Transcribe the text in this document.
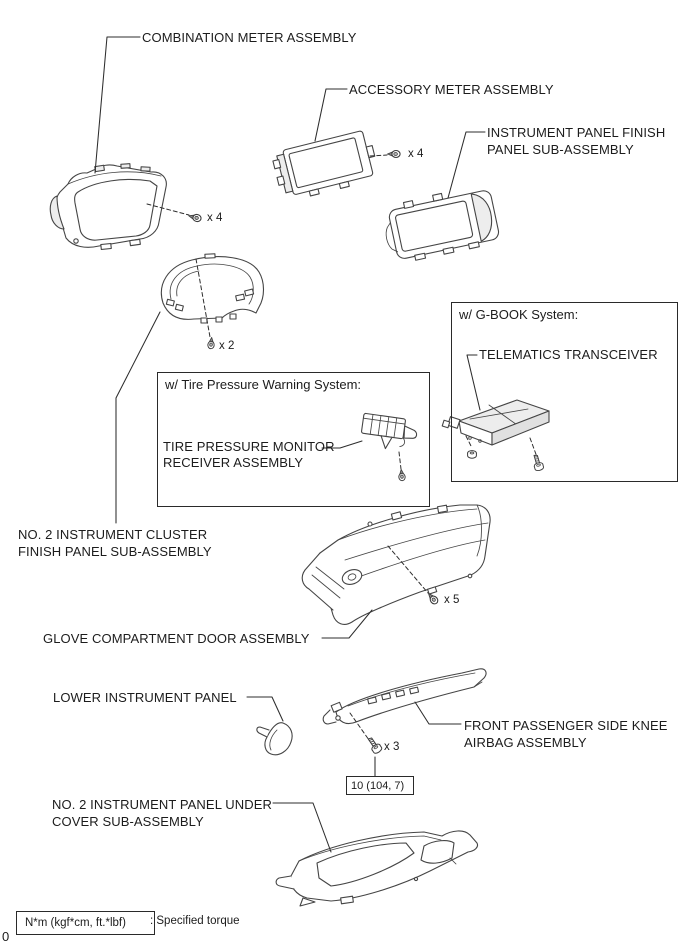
w/ Tire Pressure Warning System:
w/ G-BOOK System:
COMBINATION METER ASSEMBLY
ACCESSORY METER ASSEMBLY
INSTRUMENT PANEL FINISH
PANEL SUB-ASSEMBLY
TELEMATICS TRANSCEIVER
TIRE PRESSURE MONITOR
RECEIVER ASSEMBLY
NO. 2 INSTRUMENT CLUSTER
FINISH PANEL SUB-ASSEMBLY
GLOVE COMPARTMENT DOOR ASSEMBLY
LOWER INSTRUMENT PANEL
FRONT PASSENGER SIDE KNEE
AIRBAG ASSEMBLY
NO. 2 INSTRUMENT PANEL UNDER
COVER SUB-ASSEMBLY
x 4
x 4
x 2
x 5
x 3
10 (104, 7)
N*m (kgf*cm, ft.*lbf)	: Specified torque
0
